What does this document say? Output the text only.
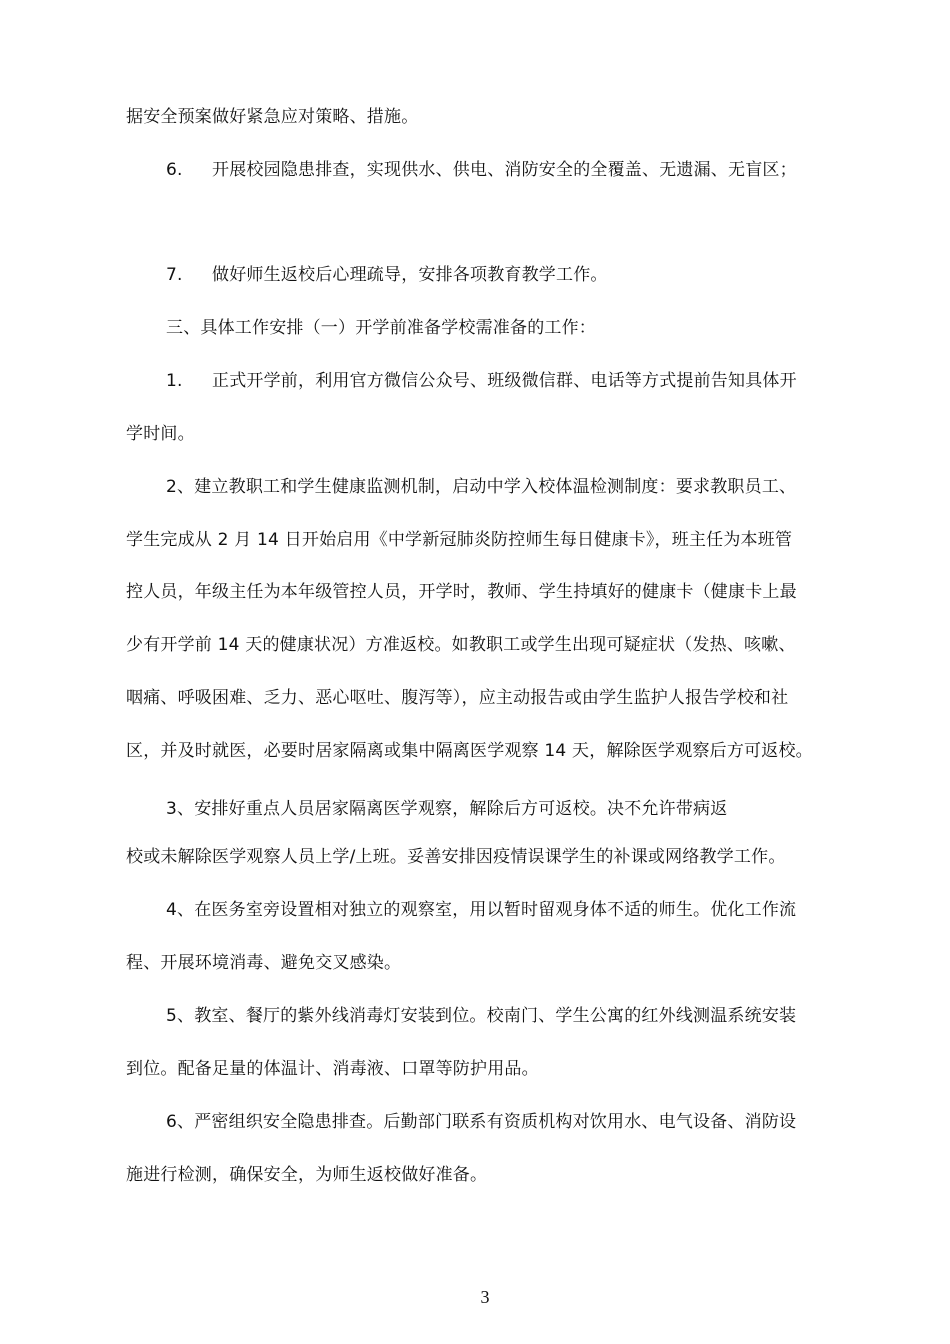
据安全预案做好紧急应对策略、措施。
6. 开展校园隐患排查，实现供水、供电、消防安全的全覆盖、无遗漏、无盲区；
7. 做好师生返校后心理疏导，安排各项教育教学工作。
三、具体工作安排（一）开学前准备学校需准备的工作：
1. 正式开学前，利用官方微信公众号、班级微信群、电话等方式提前告知具体开
学时间。
2、建立教职工和学生健康监测机制，启动中学入校体温检测制度：要求教职员工、
学生完成从 2 月 14 日开始启用《中学新冠肺炎防控师生每日健康卡》，班主任为本班管
控人员，年级主任为本年级管控人员，开学时，教师、学生持填好的健康卡（健康卡上最
少有开学前 14 天的健康状况）方准返校。如教职工或学生出现可疑症状（发热、咳嗽、
咽痛、呼吸困难、乏力、恶心呕吐、腹泻等），应主动报告或由学生监护人报告学校和社
区，并及时就医，必要时居家隔离或集中隔离医学观察 14 天，解除医学观察后方可返校。
3、安排好重点人员居家隔离医学观察，解除后方可返校。决不允许带病返
校或未解除医学观察人员上学/上班。妥善安排因疫情误课学生的补课或网络教学工作。
4、在医务室旁设置相对独立的观察室，用以暂时留观身体不适的师生。优化工作流
程、开展环境消毒、避免交叉感染。
5、教室、餐厅的紫外线消毒灯安装到位。校南门、学生公寓的红外线测温系统安装
到位。配备足量的体温计、消毒液、口罩等防护用品。
6、严密组织安全隐患排查。后勤部门联系有资质机构对饮用水、电气设备、消防设
施进行检测，确保安全，为师生返校做好准备。
3
